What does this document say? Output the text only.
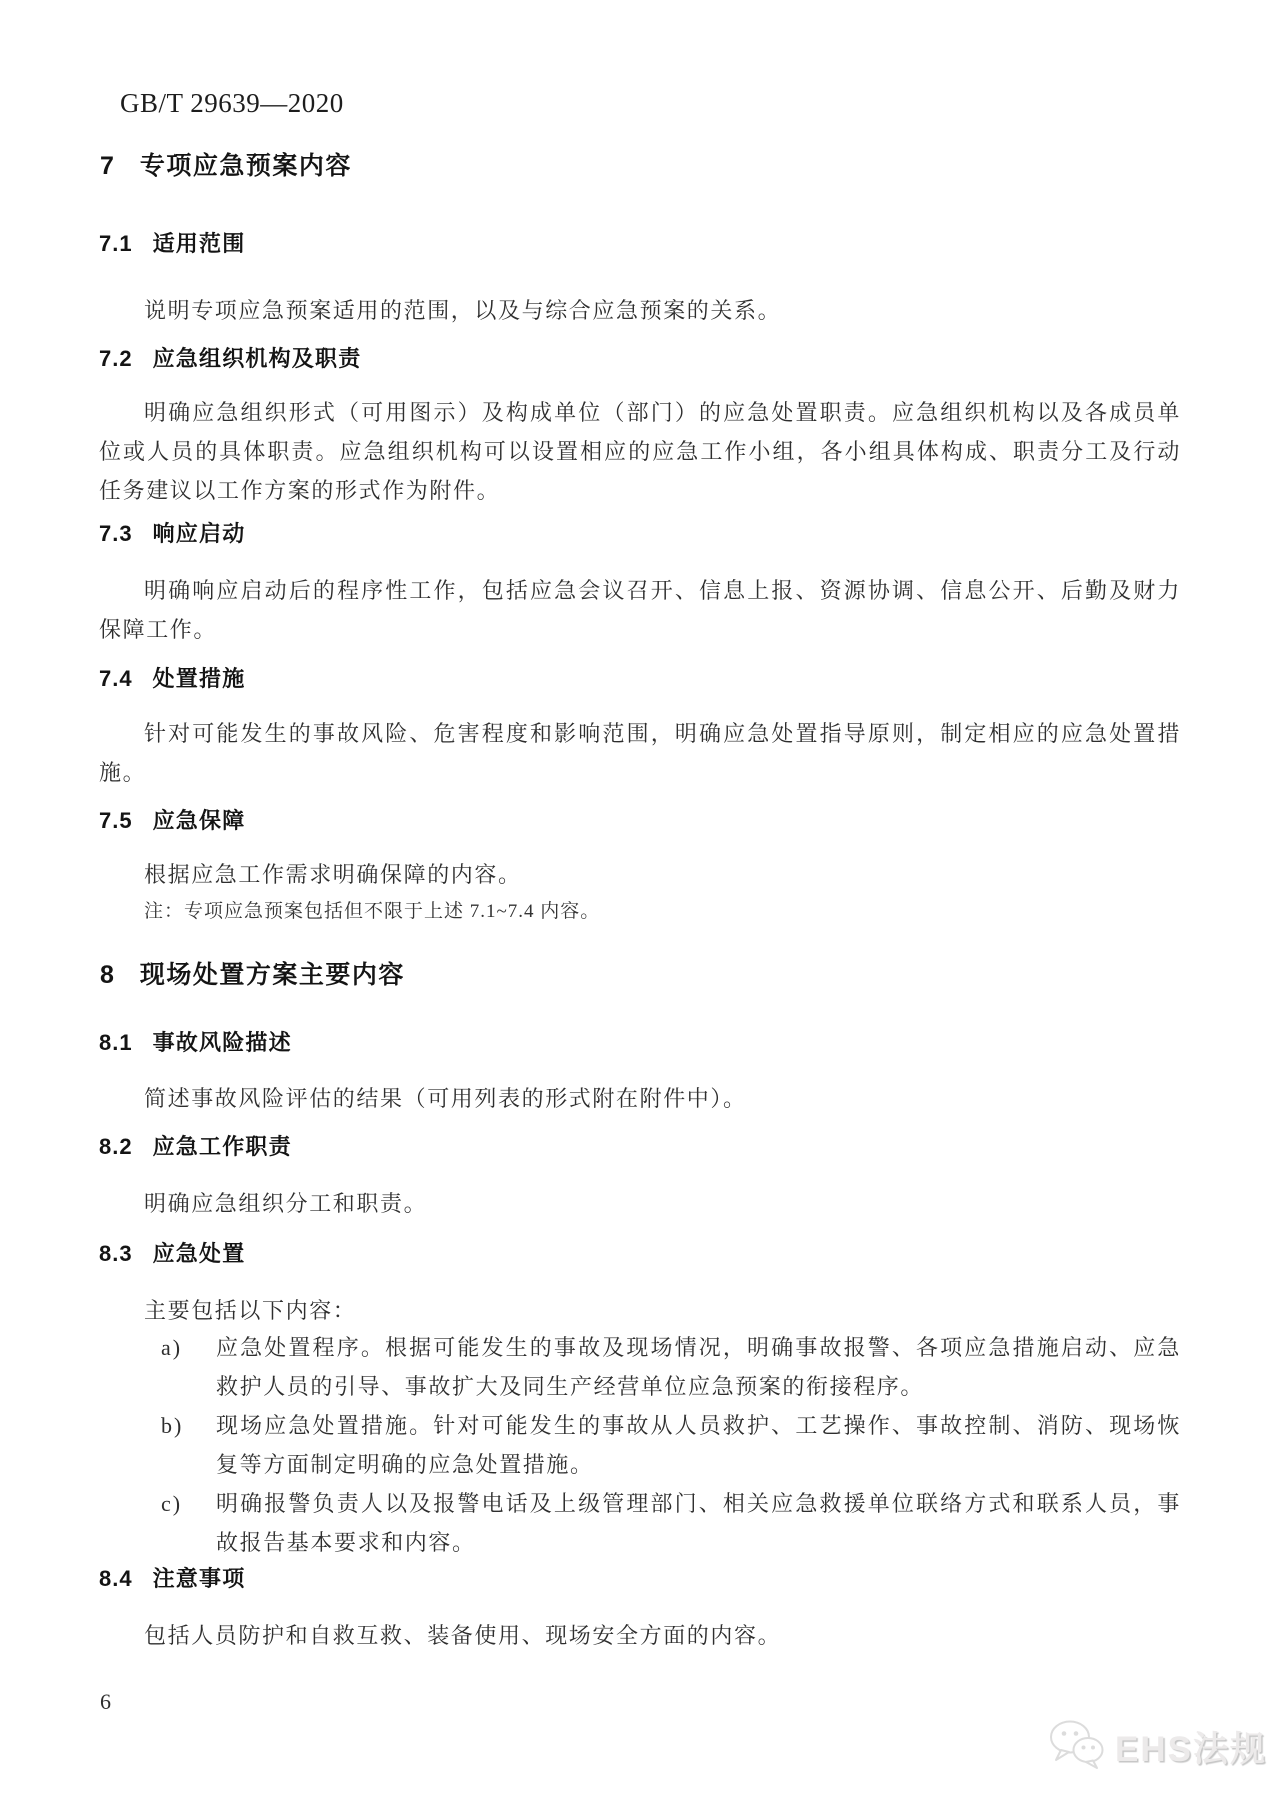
GB/T 29639—2020
7 专项应急预案内容
7.1 适用范围

说明专项应急预案适用的范围，以及与综合应急预案的关系。

7.2 应急组织机构及职责

明确应急组织形式（可用图示）及构成单位（部门）的应急处置职责。应急组织机构以及各成员单位或人员的具体职责。应急组织机构可以设置相应的应急工作小组，各小组具体构成、职责分工及行动任务建议以工作方案的形式作为附件。

7.3 响应启动

明确响应启动后的程序性工作，包括应急会议召开、信息上报、资源协调、信息公开、后勤及财力保障工作。

7.4 处置措施

针对可能发生的事故风险、危害程度和影响范围，明确应急处置指导原则，制定相应的应急处置措施。

7.5 应急保障

根据应急工作需求明确保障的内容。

注：专项应急预案包括但不限于上述 7.1~7.4 内容。
8 现场处置方案主要内容
8.1 事故风险描述

简述事故风险评估的结果（可用列表的形式附在附件中）。

8.2 应急工作职责

明确应急组织分工和职责。

8.3 应急处置

主要包括以下内容：

a) 应急处置程序。根据可能发生的事故及现场情况，明确事故报警、各项应急措施启动、应急救护人员的引导、事故扩大及同生产经营单位应急预案的衔接程序。
b) 现场应急处置措施。针对可能发生的事故从人员救护、工艺操作、事故控制、消防、现场恢复等方面制定明确的应急处置措施。
c) 明确报警负责人以及报警电话及上级管理部门、相关应急救援单位联络方式和联系人员，事故报告基本要求和内容。
8.4 注意事项

包括人员防护和自救互救、装备使用、现场安全方面的内容。

6
EHS法规
